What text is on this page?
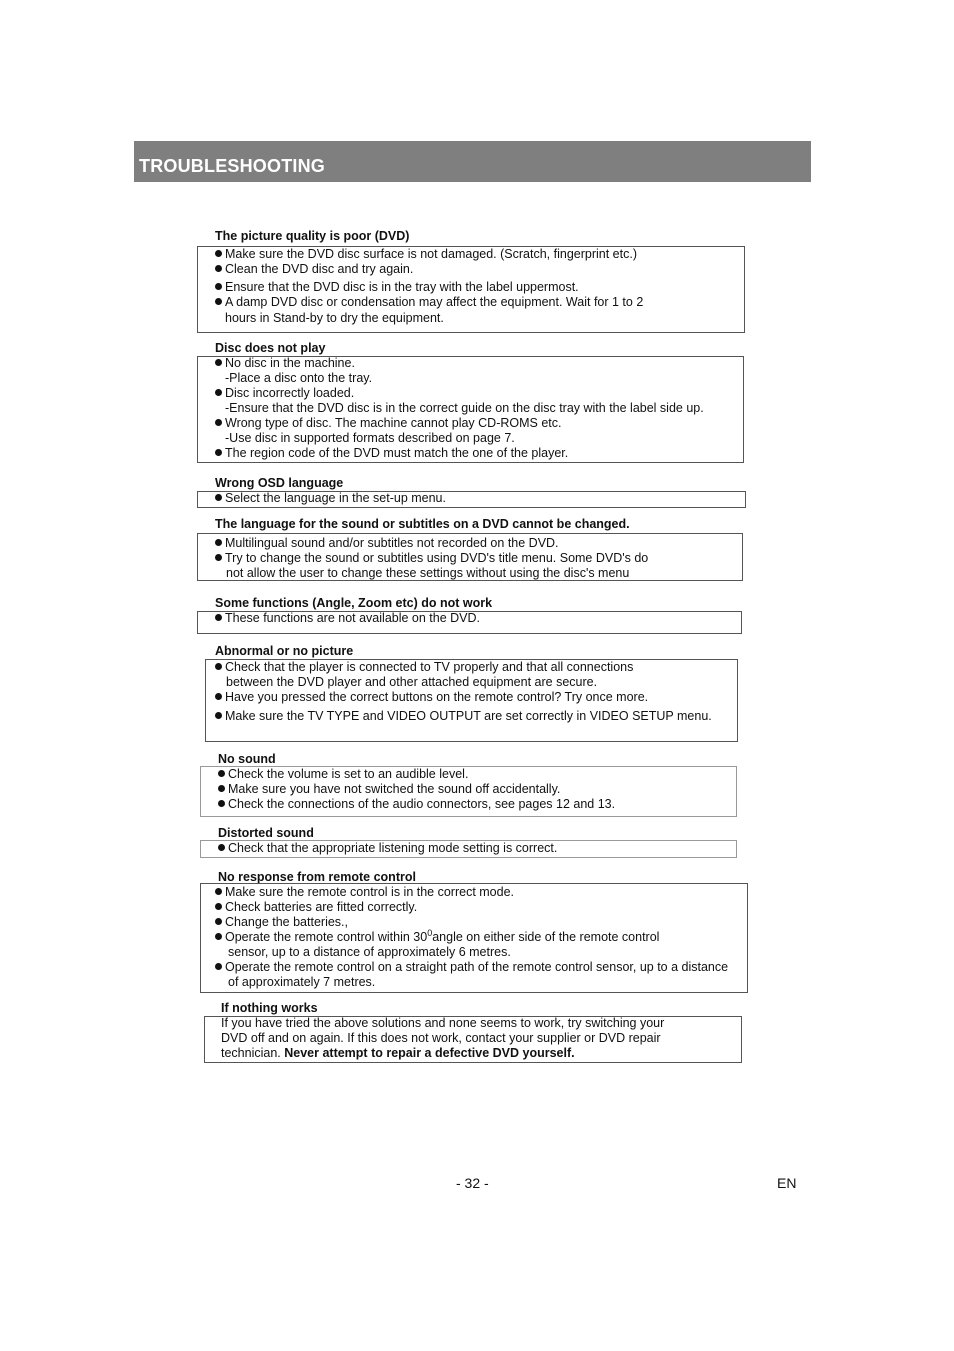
TROUBLESHOOTING
The picture quality is poor (DVD)
Make sure the DVD disc surface is not damaged. (Scratch, fingerprint etc.)
Clean the DVD disc and try again.
Ensure that the DVD disc is in the tray with the label uppermost.
A damp DVD disc or condensation may affect the equipment. Wait for 1 to 2
hours in Stand-by to dry the equipment.
Disc does not play
No disc in the machine.
-Place a disc onto the tray.
Disc incorrectly loaded.
-Ensure that the DVD disc is in the correct guide on the disc tray with the label side up.
Wrong type of disc. The machine cannot play CD-ROMS etc.
-Use disc in supported formats described on page 7.
The region code of the DVD must match the one of the player.
Wrong OSD language
Select the language in the set-up menu.
The language for the sound or subtitles on a DVD cannot be changed.
Multilingual sound and/or subtitles not recorded on the DVD.
Try to change the sound or subtitles using DVD's title menu. Some DVD's do
not allow the user to change these settings without using the disc's menu
Some functions (Angle, Zoom etc) do not work
These functions are not available on the DVD.
Abnormal or no picture
Check that the player is connected to TV properly and that all connections
between the DVD player and other attached equipment are secure.
Have you pressed the correct buttons on the remote control? Try once more.
Make sure the TV TYPE and VIDEO OUTPUT are set correctly in VIDEO SETUP menu.
No sound
Check the volume is set to an audible level.
Make sure you have not switched the sound off accidentally.
Check the connections of the audio connectors, see pages 12 and 13.
Distorted sound
Check that the appropriate listening mode setting is correct.
No response from remote control
Make sure the remote control is in the correct mode.
Check batteries are fitted correctly.
Change the batteries.,
Operate the remote control within $30^0angle$ on either side of the remote control
sensor, up to a distance of approximately 6 metres.
Operate the remote control on a straight path of the remote control sensor, up to a distance
of approximately 7 metres.
If nothing works
If you have tried the above solutions and none seems to work, try switching your
DVD off and on again. If this does not work, contact your supplier or DVD repair
technician. Never attempt to repair a defective DVD yourself.
- 32 -	EN
